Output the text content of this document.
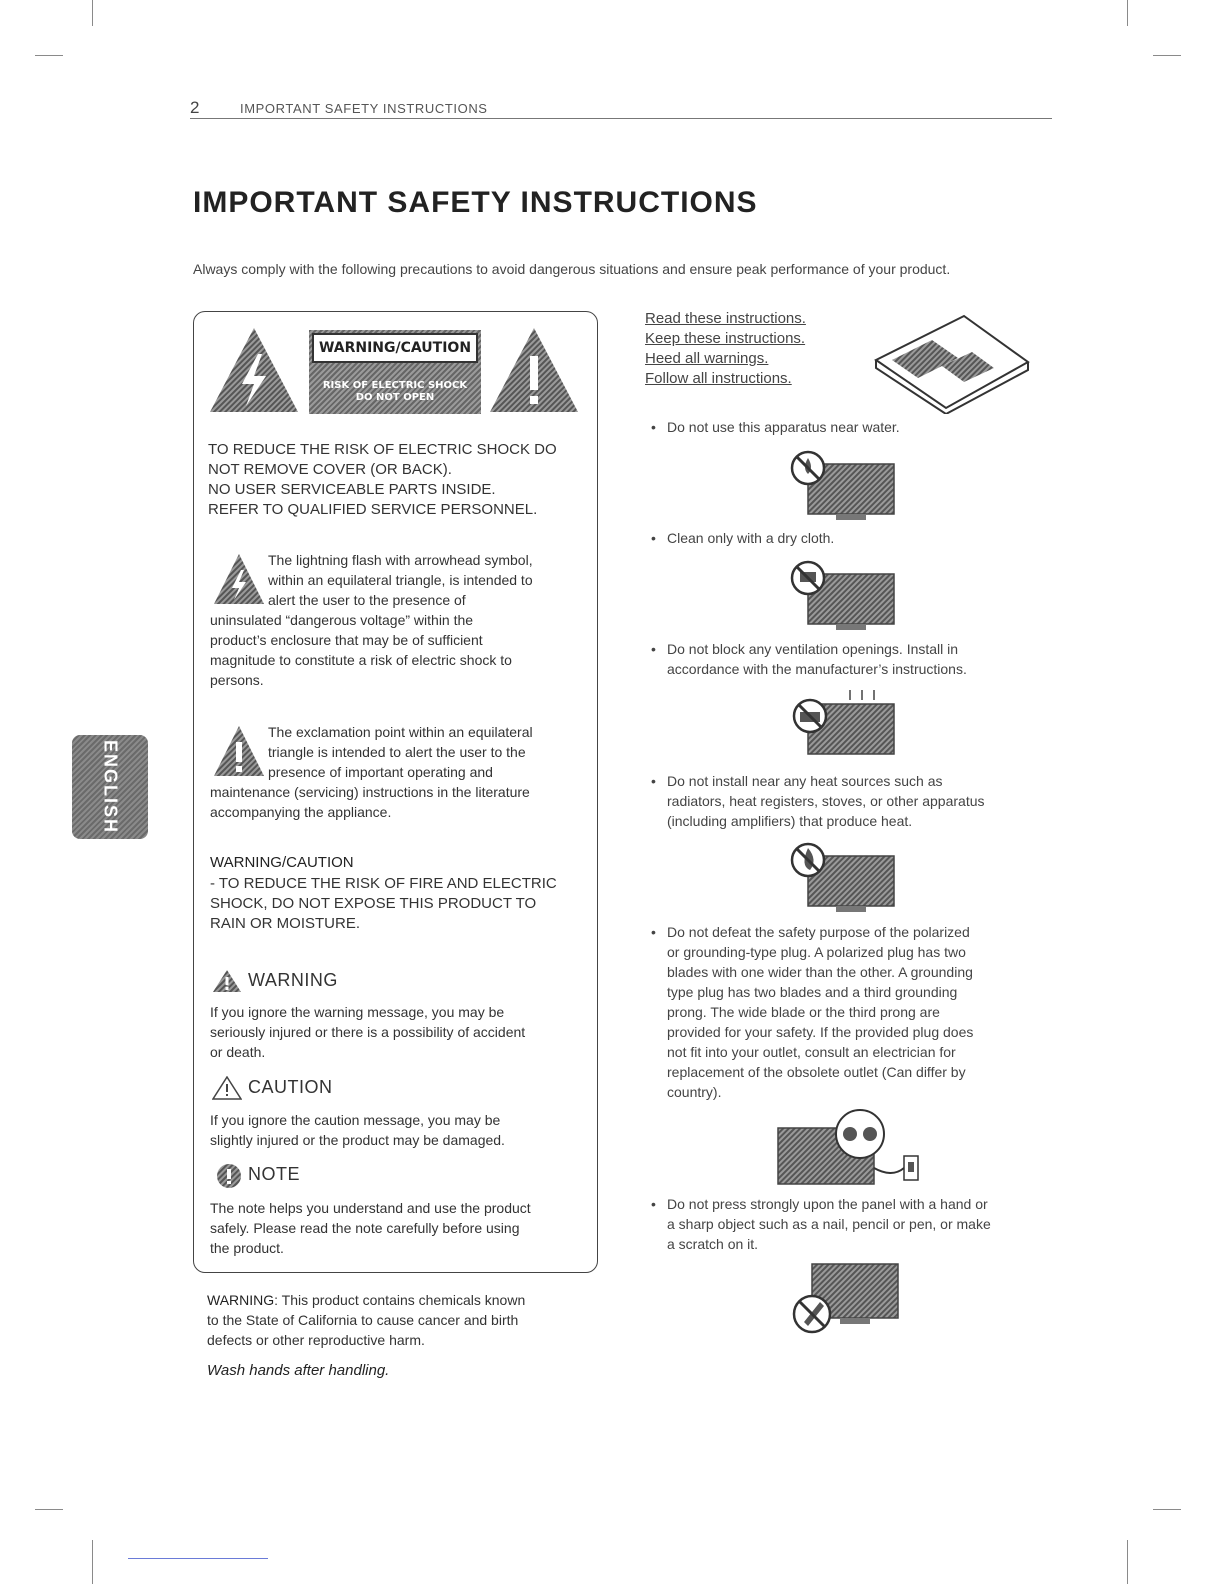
2	IMPORTANT SAFETY INSTRUCTIONS
IMPORTANT SAFETY INSTRUCTIONS
Always comply with the following precautions to avoid dangerous situations and ensure peak performance of your product.
ENGLISH
WARNING/CAUTION
RISK OF ELECTRIC SHOCK
DO NOT OPEN
TO REDUCE THE RISK OF ELECTRIC SHOCK DO
NOT REMOVE COVER (OR BACK).
NO USER SERVICEABLE PARTS INSIDE.
REFER TO QUALIFIED SERVICE PERSONNEL.
The lightning flash with arrowhead symbol,
within an equilateral triangle, is intended to
alert the user to the presence of
uninsulated “dangerous voltage” within the
product’s enclosure that may be of sufficient
magnitude to constitute a risk of electric shock to
persons.
The exclamation point within an equilateral
triangle is intended to alert the user to the
presence of important operating and
maintenance (servicing) instructions in the literature
accompanying the appliance.
WARNING/CAUTION
- TO REDUCE THE RISK OF FIRE AND ELECTRIC
SHOCK, DO NOT EXPOSE THIS PRODUCT TO
RAIN OR MOISTURE.
WARNING
If you ignore the warning message, you may be
seriously injured or there is a possibility of accident
or death.
CAUTION
If you ignore the caution message, you may be
slightly injured or the product may be damaged.
NOTE
The note helps you understand and use the product
safely. Please read the note carefully before using
the product.
WARNING: This product contains chemicals known
to the State of California to cause cancer and birth
defects or other reproductive harm.
Wash hands after handling.
Read these instructions.
Keep these instructions.
Heed all warnings.
Follow all instructions.
• Do not use this apparatus near water.
• Clean only with a dry cloth.
• Do not block any ventilation openings. Install in
accordance with the manufacturer’s instructions.
• Do not install near any heat sources such as
radiators, heat registers, stoves, or other apparatus
(including amplifiers) that produce heat.
• Do not defeat the safety purpose of the polarized
or grounding-type plug. A polarized plug has two
blades with one wider than the other. A grounding
type plug has two blades and a third grounding
prong. The wide blade or the third prong are
provided for your safety. If the provided plug does
not fit into your outlet, consult an electrician for
replacement of the obsolete outlet (Can differ by
country).
• Do not press strongly upon the panel with a hand or
a sharp object such as a nail, pencil or pen, or make
a scratch on it.
